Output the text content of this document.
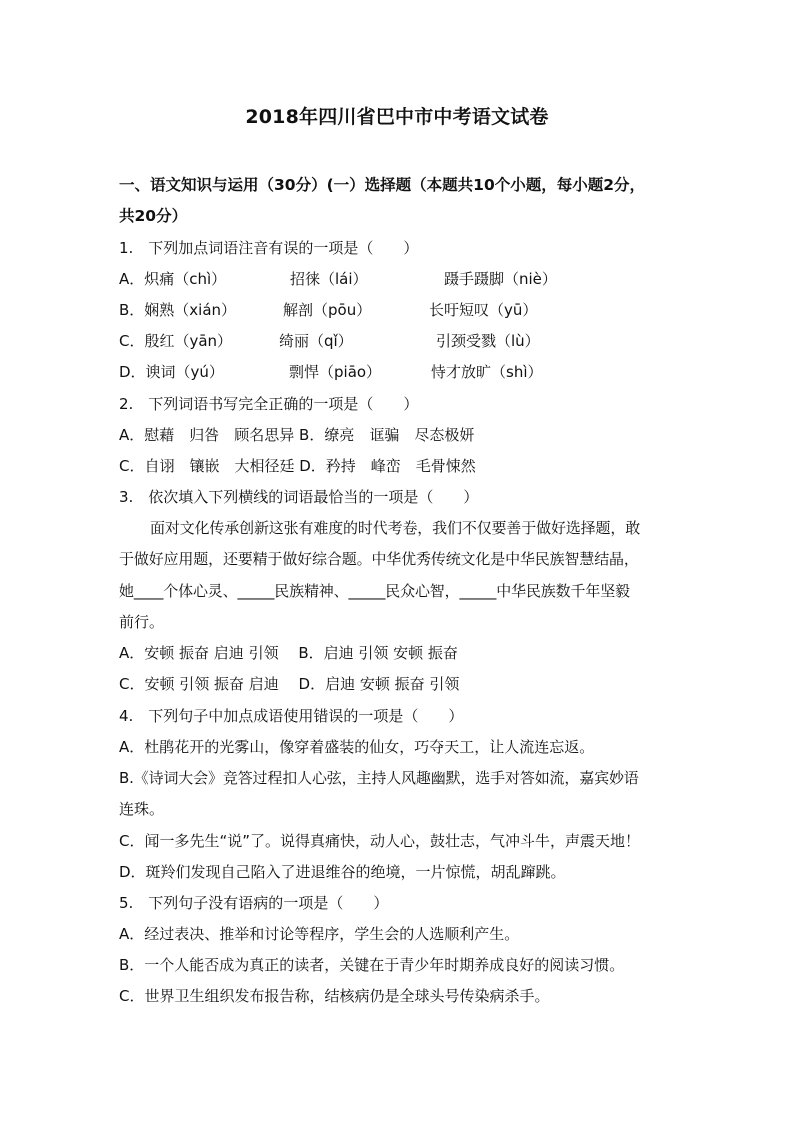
2018年四川省巴中市中考语文试卷
一、语文知识与运用（30分）(一）选择题（本题共10个小题，每小题2分，
共20分）
1.　下列加点词语注音有误的一项是（　　）
A．炽痛（chì）	招徕（lái）	蹑手蹑脚（niè）
B．娴熟（xián）	解剖（pōu）	长吁短叹（yū）
C．殷红（yān）	绮丽（qǐ）	引颈受戮（lù）
D．谀词（yú）	剽悍（piāo）	恃才放旷（shì）
2.　下列词语书写完全正确的一项是（　　）
A．慰藉　归咎　顾名思异 B．缭亮　诓骗　尽态极妍
C．自诩　镶嵌　大相径廷 D．矜持　峰峦　毛骨悚然
3.　依次填入下列横线的词语最恰当的一项是（　　）
面对文化传承创新这张有难度的时代考卷，我们不仅要善于做好选择题，敢
于做好应用题，还要精于做好综合题。中华优秀传统文化是中华民族智慧结晶，
她____个体心灵、_____民族精神、_____民众心智，_____中华民族数千年坚毅
前行。
A．安顿 振奋 启迪 引领　 B．启迪 引领 安顿 振奋
C．安顿 引领 振奋 启迪　 D．启迪 安顿 振奋 引领
4.　下列句子中加点成语使用错误的一项是（　　）
A．杜鹃花开的光雾山，像穿着盛装的仙女，巧夺天工，让人流连忘返。
B.《诗词大会》竞答过程扣人心弦，主持人风趣幽默，选手对答如流，嘉宾妙语
连珠。
C．闻一多先生“说”了。说得真痛快，动人心，鼓壮志，气冲斗牛，声震天地！
D．斑羚们发现自己陷入了进退维谷的绝境，一片惊慌，胡乱蹿跳。
5.　下列句子没有语病的一项是（　　）
A．经过表决、推举和讨论等程序，学生会的人选顺利产生。
B．一个人能否成为真正的读者，关键在于青少年时期养成良好的阅读习惯。
C．世界卫生组织发布报告称，结核病仍是全球头号传染病杀手。
